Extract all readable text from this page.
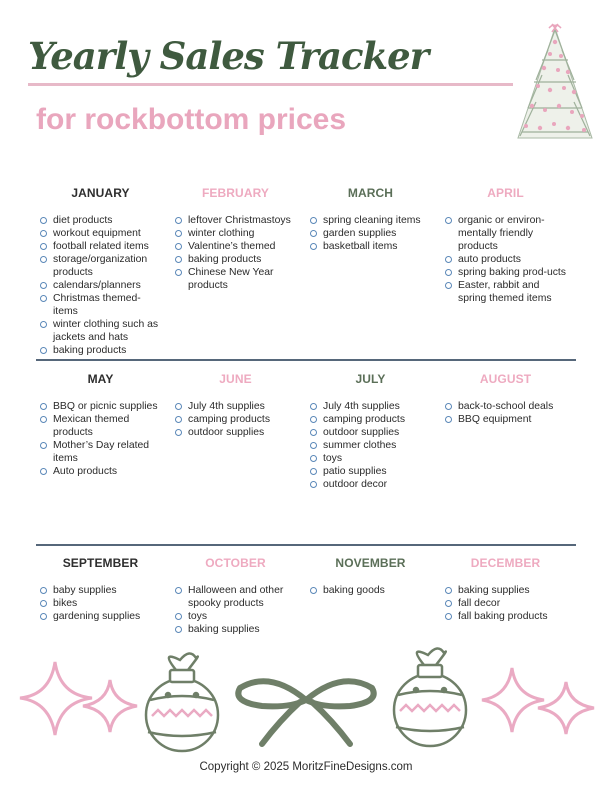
Yearly Sales Tracker
for rockbottom prices
JANUARY
diet products
workout equipment
football related items
storage/organization products
calendars/planners
Christmas themed-items
winter clothing such as jackets and hats
baking products
FEBRUARY
leftover Christmastoys
winter clothing
Valentine’s themed
baking products
Chinese New Year products
MARCH
spring cleaning items
garden supplies
basketball items
APRIL
organic or environ-mentally friendly products
auto products
spring baking prod-ucts
Easter, rabbit and spring themed items
MAY
BBQ or picnic supplies
Mexican themed products
Mother’s Day related items
Auto products
JUNE
July 4th supplies
camping products
outdoor supplies
JULY
July 4th supplies
camping products
outdoor supplies
summer clothes
toys
patio supplies
outdoor decor
AUGUST
back-to-school deals
BBQ equipment
SEPTEMBER
baby supplies
bikes
gardening supplies
OCTOBER
Halloween and other spooky products
toys
baking supplies
NOVEMBER
baking goods
DECEMBER
baking supplies
fall decor
fall baking products

Copyright © 2025 MoritzFineDesigns.com
